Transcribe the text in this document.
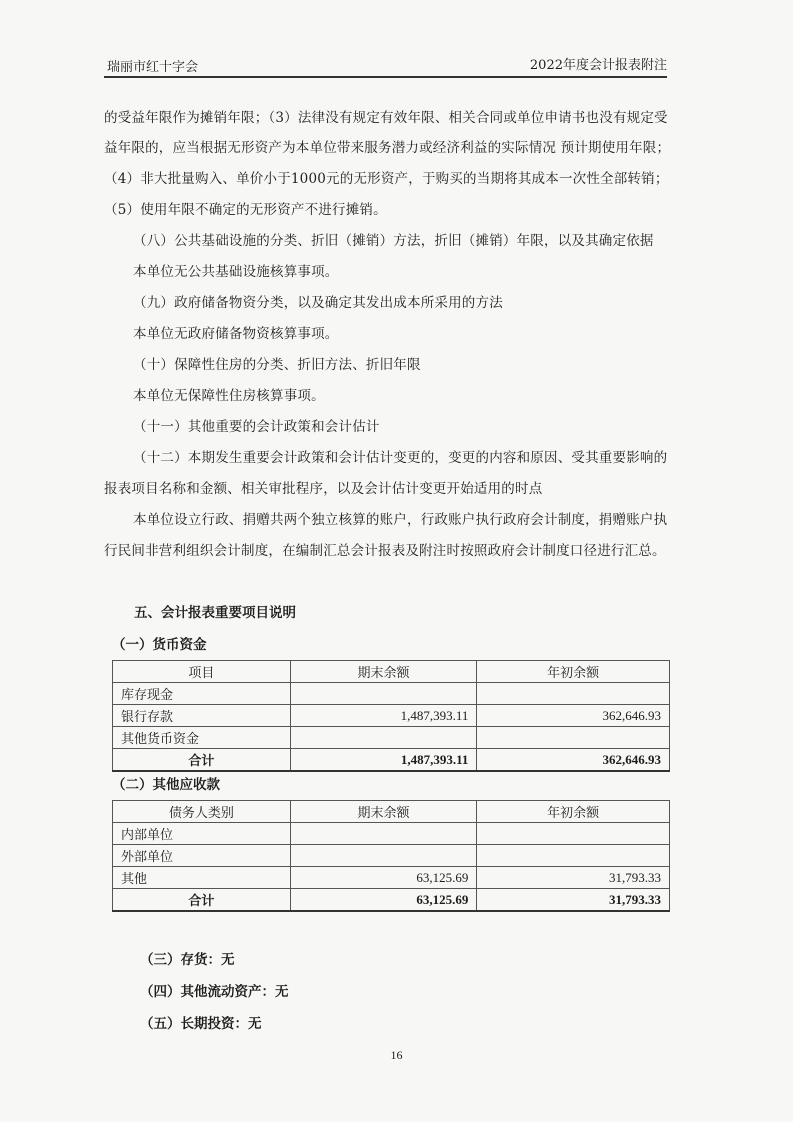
瑞丽市红十字会	2022年度会计报表附注
的受益年限作为摊销年限；（3）法律没有规定有效年限、相关合同或单位申请书也没有规定受
益年限的，应当根据无形资产为本单位带来服务潜力或经济利益的实际情况 预计期使用年限；
（4）非大批量购入、单价小于1000元的无形资产，于购买的当期将其成本一次性全部转销；
（5）使用年限不确定的无形资产不进行摊销。
（八）公共基础设施的分类、折旧（摊销）方法，折旧（摊销）年限，以及其确定依据
本单位无公共基础设施核算事项。
（九）政府储备物资分类，以及确定其发出成本所采用的方法
本单位无政府储备物资核算事项。
（十）保障性住房的分类、折旧方法、折旧年限
本单位无保障性住房核算事项。
（十一）其他重要的会计政策和会计估计
（十二）本期发生重要会计政策和会计估计变更的，变更的内容和原因、受其重要影响的
报表项目名称和金额、相关审批程序，以及会计估计变更开始适用的时点
本单位设立行政、捐赠共两个独立核算的账户，行政账户执行政府会计制度，捐赠账户执
行民间非营利组织会计制度，在编制汇总会计报表及附注时按照政府会计制度口径进行汇总。
五、会计报表重要项目说明
（一）货币资金
项目	期末余额	年初余额
库存现金		
银行存款	1,487,393.11	362,646.93
其他货币资金		
合计	1,487,393.11	362,646.93
（二）其他应收款
债务人类别	期末余额	年初余额
内部单位		
外部单位		
其他	63,125.69	31,793.33
合计	63,125.69	31,793.33
（三）存货：无
（四）其他流动资产：无
（五）长期投资：无
16
